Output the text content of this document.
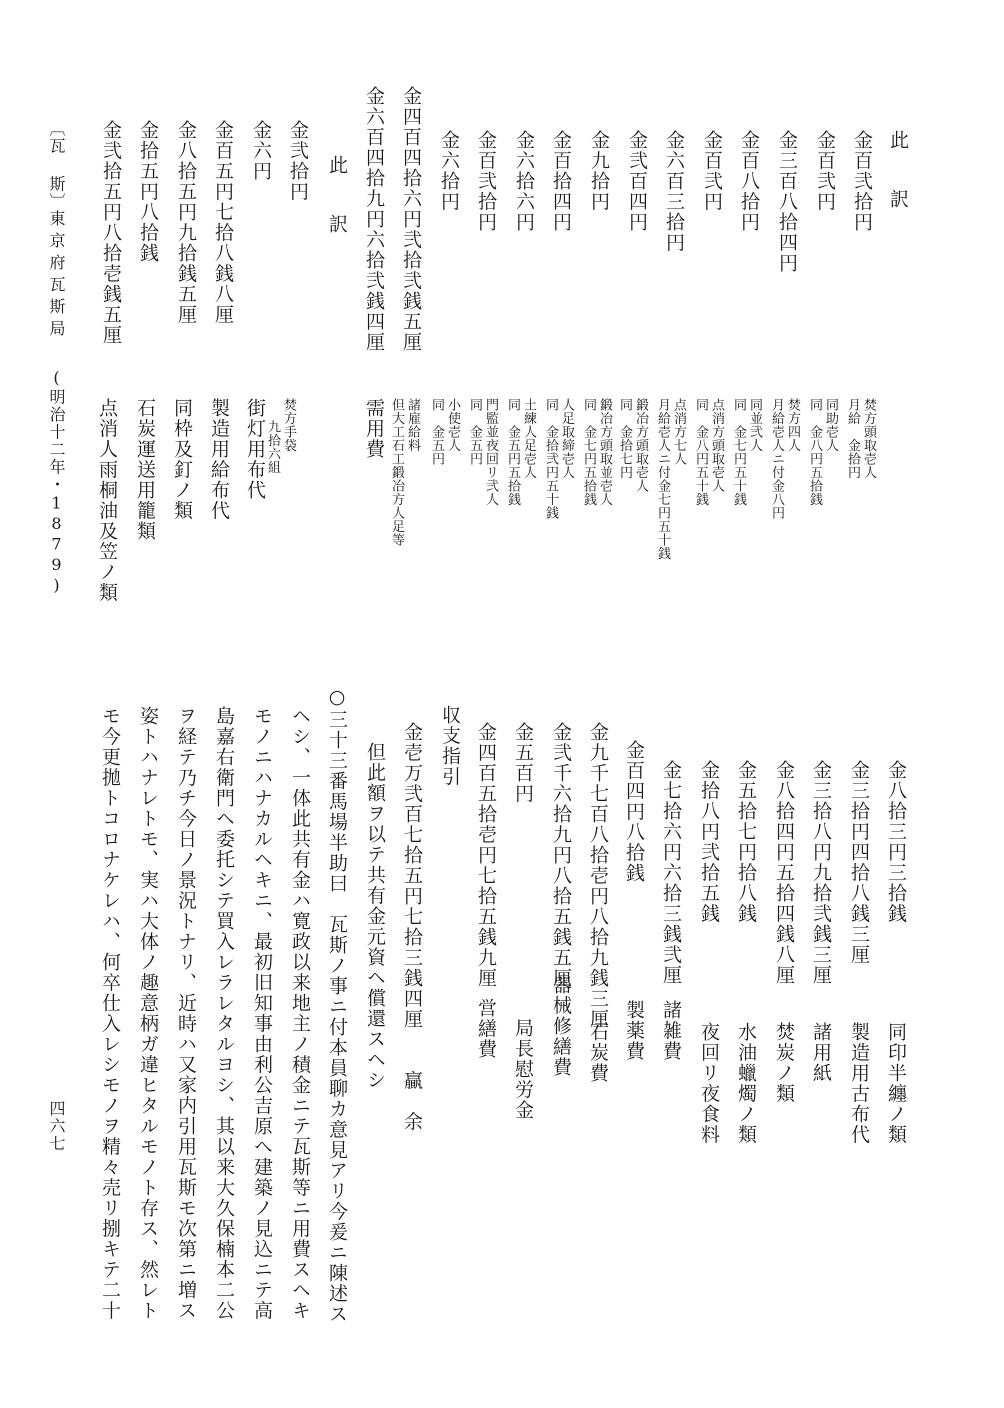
此 訳
金百弐拾円
金百弐円
金三百八拾四円
金百八拾円
金百弐円
金六百三拾円
金弐百四円
金九拾円
金百拾四円
金六拾六円
金百弐拾円
金六拾円
焚方頭取壱人
月給　金拾円
同助壱人
同　金八円五拾銭
焚方四人
月給壱人ニ付金八円
同並弐人
同　金七円五十銭
点消方頭取壱人
同　金八円五十銭
点消方七人
月給壱人ニ付金七円五十銭
鍛冶方頭取壱人
同　金拾七円
鍛冶方頭取並壱人
同　金七円五拾銭
人足取締壱人
同　金拾弐円五十銭
土練人足壱人
同　金五円五拾銭
門監並夜回リ弐人
同　金五円
小使壱人
同　金五円
金四百四拾六円弐拾弐銭五厘
金六百四拾九円六拾弐銭四厘
需用費 諸雇給料
但大工石工鍛冶方人足等
此 訳
金弐拾円
金六円
金百五円七拾八銭八厘
金八拾五円九拾銭五厘
金拾五円八拾銭
金弐拾五円八拾壱銭五厘
焚方手袋
九拾六組
街灯用布代
製造用給布代
同枠及釘ノ類
石炭運送用籠類
点消人雨桐油及笠ノ類
〔瓦 斯〕
東京府瓦斯局
(明治十二年・1879)
金八拾三円三拾銭
金三拾円四拾八銭三厘
金三拾八円九拾弐銭三厘
金八拾四円五拾四銭八厘
金五拾七円拾八銭
金拾八円弐拾五銭
金七拾六円六拾三銭弐厘
金百四円八拾銭
同印半纏ノ類
製造用古布代
諸用紙
焚炭ノ類
水油蠟燭ノ類
夜回リ夜食料
諸雑費
製薬費
金九千七百八拾壱円八拾九銭三厘
金弐千六拾九円八拾五銭五厘
金五百円
金四百五拾壱円七拾五銭九厘
石炭費
器械修繕費
局長慰労金
営繕費
収支指引
金壱万弐百七拾五円七拾三銭四厘　　贏　余
但此額ヲ以テ共有金元資ヘ償還スヘシ
○三十三番馬場半助曰　瓦斯ノ事ニ付本員聊カ意見アリ今爰ニ陳述ス
ヘシ、一体此共有金ハ寛政以来地主ノ積金ニテ瓦斯等ニ用費スヘキ
モノニハナカルヘキニ、最初旧知事由利公吉原へ建築ノ見込ニテ高
島嘉右衛門ヘ委托シテ買入レラレタルヨシ、其以来大久保楠本二公
ヲ経テ乃チ今日ノ景況トナリ、近時ハ又家内引用瓦斯モ次第ニ増ス
姿トハナレトモ、実ハ大体ノ趣意柄ガ違ヒタルモノト存ス、然レト
モ今更拋トコロナケレハ、何卒仕入レシモノヲ精々売リ捌キテ二十
四六七
